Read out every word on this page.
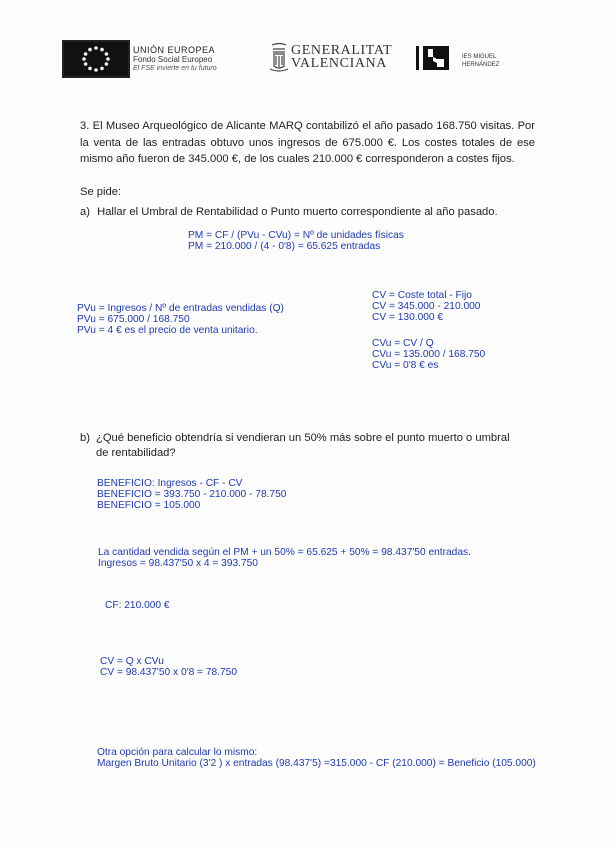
UNIÓN EUROPEA
Fondo Social Europeo
El FSE invierte en tu futuro
GENERALITAT
VALENCIANA	IES MIGUEL
HERNÁNDEZ

3. El Museo Arqueológico de Alicante MARQ contabilizó el año pasado 168.750 visitas. Por la venta de las entradas obtuvo unos ingresos de 675.000 €. Los costes totales de ese mismo año fueron de 345.000 €, de los cuales 210.000 € corresponderon a costes fijos.

Se pide:

a) Hallar el Umbral de Rentabilidad o Punto muerto correspondiente al año pasado.

PM = CF / (PVu - CVu) = Nº de unidades físicas
PM = 210.000 / (4 - 0'8) = 65.625 entradas
PVu = Ingresos / Nº de entradas vendidas (Q)
PVu = 675.000 / 168.750
PVu = 4 € es el precio de venta unitario.
CV = Coste total - Fijo
CV = 345.000 - 210.000
CV = 130.000 €
CVu = CV / Q
CVu = 135.000 / 168.750
CVu = 0'8 € es
b) ¿Qué beneficio obtendría si vendieran un 50% más sobre el punto muerto o umbral
de rentabilidad?
BENEFICIO: Ingresos - CF - CV
BENEFICIO = 393.750 - 210.000 - 78.750
BENEFICIO = 105.000
La cantidad vendida según el PM + un 50% = 65.625 + 50% = 98.437'50 entradas.
Ingresos = 98.437'50 x 4 = 393.750
CF: 210.000 €
CV = Q x CVu
CV = 98.437'50 x 0'8 = 78.750
Otra opción para calcular lo mismo:
Margen Bruto Unitario (3'2 ) x entradas (98.437'5) =315.000 - CF (210.000) = Beneficio (105.000)
